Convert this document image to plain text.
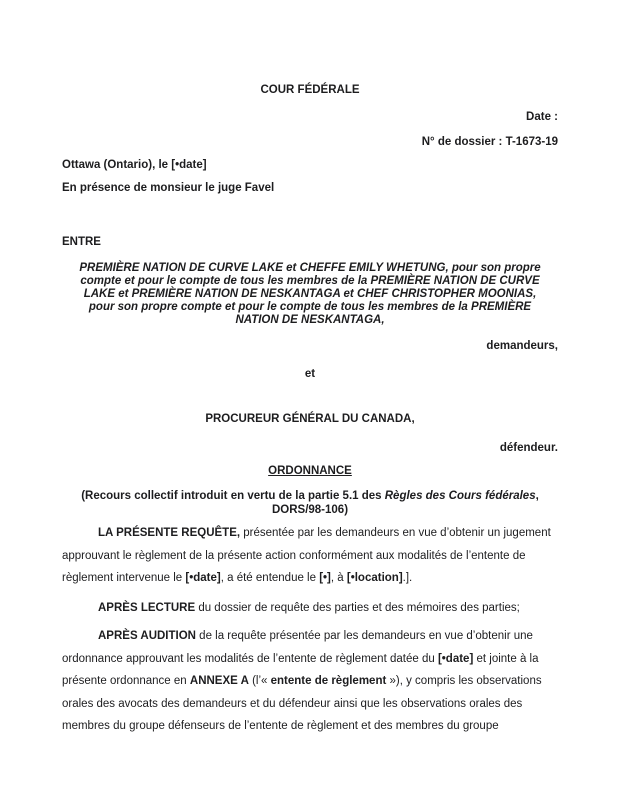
COUR FÉDÉRALE
Date :
N° de dossier : T-1673-19
Ottawa (Ontario), le [•date]
En présence de monsieur le juge Favel
ENTRE
PREMIÈRE NATION DE CURVE LAKE et CHEFFE EMILY WHETUNG, pour son propre compte et pour le compte de tous les membres de la PREMIÈRE NATION DE CURVE LAKE et PREMIÈRE NATION DE NESKANTAGA et CHEF CHRISTOPHER MOONIAS, pour son propre compte et pour le compte de tous les membres de la PREMIÈRE NATION DE NESKANTAGA,
demandeurs,
et
PROCUREUR GÉNÉRAL DU CANADA,
défendeur.
ORDONNANCE
(Recours collectif introduit en vertu de la partie 5.1 des Règles des Cours fédérales,
DORS/98-106)

LA PRÉSENTE REQUÊTE, présentée par les demandeurs en vue d’obtenir un jugement approuvant le règlement de la présente action conformément aux modalités de l’entente de règlement intervenue le [•date], a été entendue le [•], à [•location].].

APRÈS LECTURE du dossier de requête des parties et des mémoires des parties;

APRÈS AUDITION de la requête présentée par les demandeurs en vue d’obtenir une ordonnance approuvant les modalités de l’entente de règlement datée du [•date] et jointe à la présente ordonnance en ANNEXE A (l’« entente de règlement »), y compris les observations orales des avocats des demandeurs et du défendeur ainsi que les observations orales des membres du groupe défenseurs de l’entente de règlement et des membres du groupe
